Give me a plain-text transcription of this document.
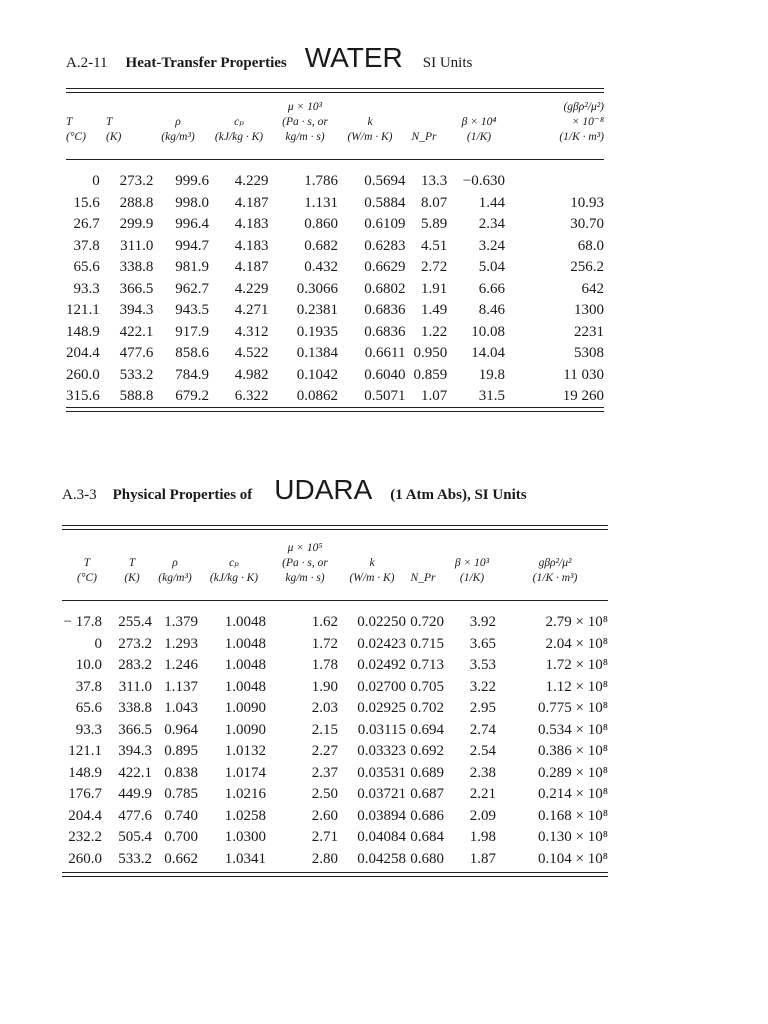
A.2-11 Heat-Transfer Properties WATER SI Units
				μ × 10³				(gβρ²/μ²)
T	T	ρ	cₚ	(Pa · s, or	k		β × 10⁴	× 10⁻⁸
(°C)	(K)	(kg/m³)	(kJ/kg · K)	kg/m · s)	(W/m · K)	N_Pr	(1/K)	(1/K · m³)
0	273.2	999.6	4.229	1.786	0.5694	13.3	−0.630	
15.6	288.8	998.0	4.187	1.131	0.5884	8.07	1.44	10.93
26.7	299.9	996.4	4.183	0.860	0.6109	5.89	2.34	30.70
37.8	311.0	994.7	4.183	0.682	0.6283	4.51	3.24	68.0
65.6	338.8	981.9	4.187	0.432	0.6629	2.72	5.04	256.2
93.3	366.5	962.7	4.229	0.3066	0.6802	1.91	6.66	642
121.1	394.3	943.5	4.271	0.2381	0.6836	1.49	8.46	1300
148.9	422.1	917.9	4.312	0.1935	0.6836	1.22	10.08	2231
204.4	477.6	858.6	4.522	0.1384	0.6611	0.950	14.04	5308
260.0	533.2	784.9	4.982	0.1042	0.6040	0.859	19.8	11 030
315.6	588.8	679.2	6.322	0.0862	0.5071	1.07	31.5	19 260
A.3-3 Physical Properties of UDARA (1 Atm Abs), SI Units
				μ × 10⁵				
T	T	ρ	cₚ	(Pa · s, or	k		β × 10³	gβρ²/μ²
(°C)	(K)	(kg/m³)	(kJ/kg · K)	kg/m · s)	(W/m · K)	N_Pr	(1/K)	(1/K · m³)
− 17.8	255.4	1.379	1.0048	1.62	0.02250	0.720	3.92	2.79 × 10⁸
0	273.2	1.293	1.0048	1.72	0.02423	0.715	3.65	2.04 × 10⁸
10.0	283.2	1.246	1.0048	1.78	0.02492	0.713	3.53	1.72 × 10⁸
37.8	311.0	1.137	1.0048	1.90	0.02700	0.705	3.22	1.12 × 10⁸
65.6	338.8	1.043	1.0090	2.03	0.02925	0.702	2.95	0.775 × 10⁸
93.3	366.5	0.964	1.0090	2.15	0.03115	0.694	2.74	0.534 × 10⁸
121.1	394.3	0.895	1.0132	2.27	0.03323	0.692	2.54	0.386 × 10⁸
148.9	422.1	0.838	1.0174	2.37	0.03531	0.689	2.38	0.289 × 10⁸
176.7	449.9	0.785	1.0216	2.50	0.03721	0.687	2.21	0.214 × 10⁸
204.4	477.6	0.740	1.0258	2.60	0.03894	0.686	2.09	0.168 × 10⁸
232.2	505.4	0.700	1.0300	2.71	0.04084	0.684	1.98	0.130 × 10⁸
260.0	533.2	0.662	1.0341	2.80	0.04258	0.680	1.87	0.104 × 10⁸
